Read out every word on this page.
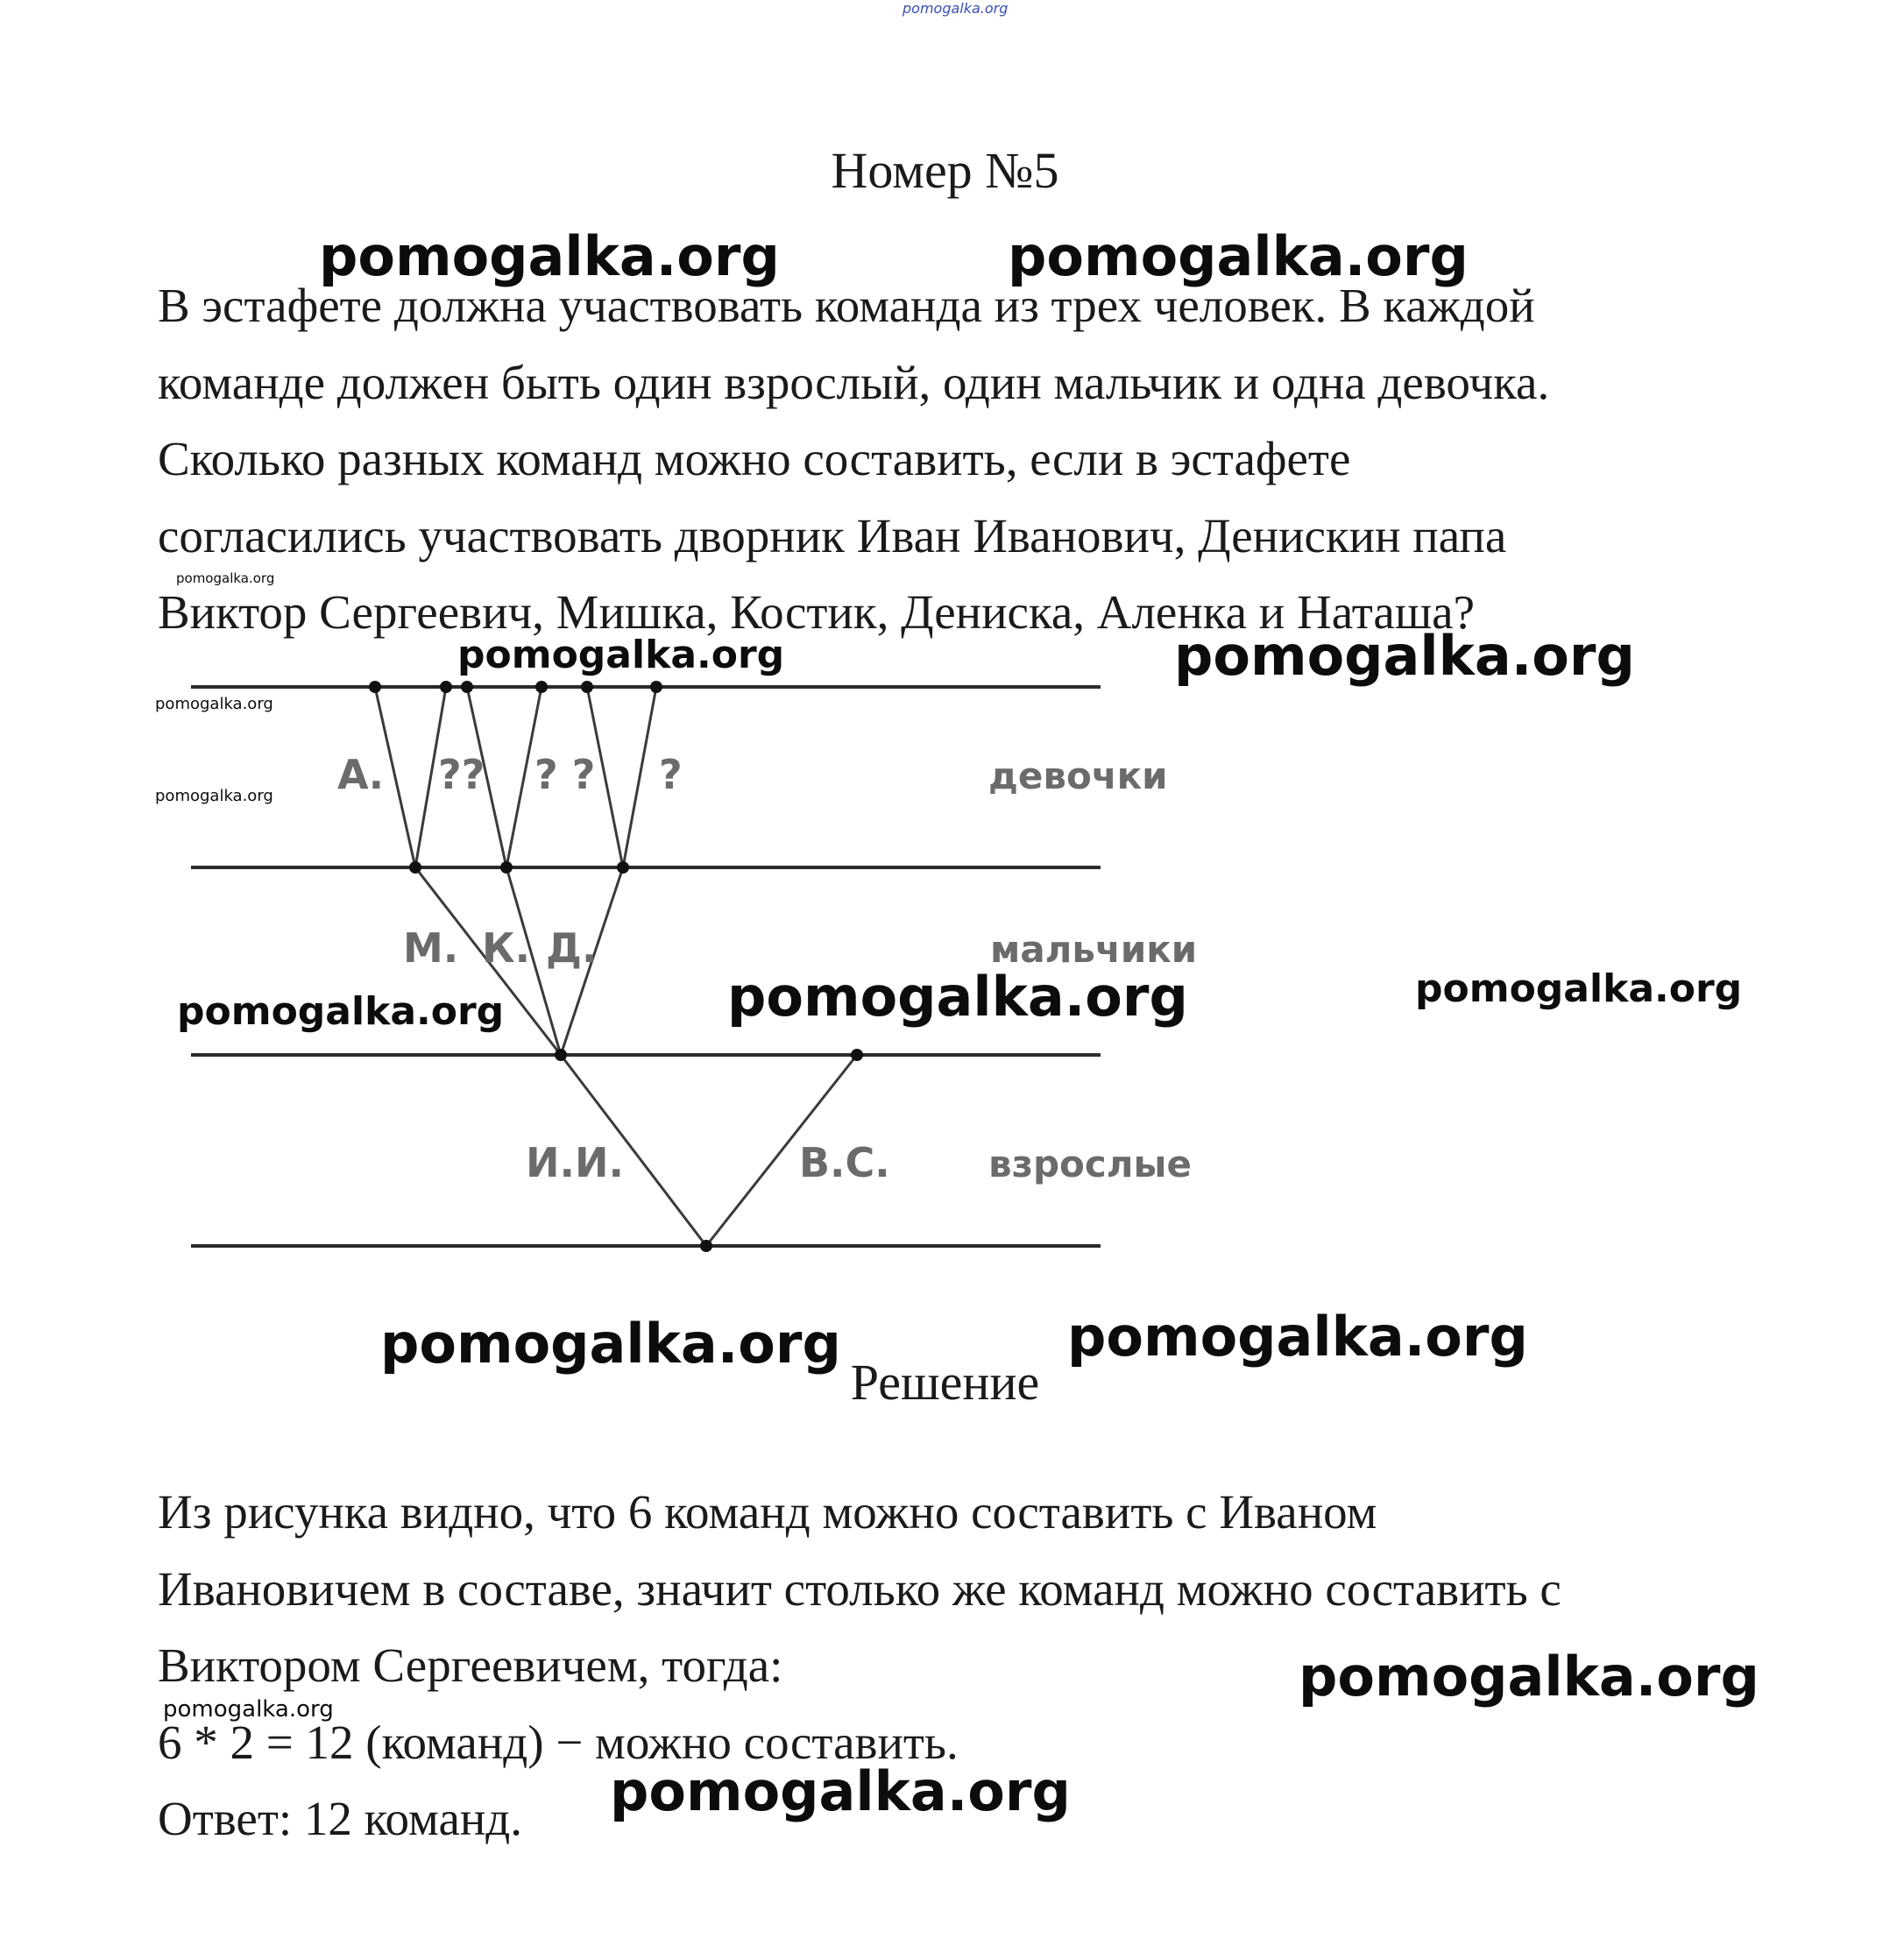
pomogalka.org
Номер №5

В эстафете должна участвовать команда из трех человек. В каждой

команде должен быть один взрослый, один мальчик и одна девочка.

Сколько разных команд можно составить, если в эстафете

согласились участвовать дворник Иван Иванович, Денискин папа

Виктор Сергеевич, Мишка, Костик, Дениска, Аленка и Наташа?

А. ?? ? ? ?	девочки
М. К. Д.	мальчики
И.И.	В.С.	взрослые
Решение

Из рисунка видно, что 6 команд можно составить с Иваном

Ивановичем в составе, значит столько же команд можно составить с

Виктором Сергеевичем, тогда:

6 * 2 = 12 (команд) − можно составить.

Ответ: 12 команд.

pomogalka.org	pomogalka.org
pomogalka.org
pomogalka.org	pomogalka.org
pomogalka.org
pomogalka.org
pomogalka.org	pomogalka.org	pomogalka.org
pomogalka.org	pomogalka.org
pomogalka.org
pomogalka.org
pomogalka.org
